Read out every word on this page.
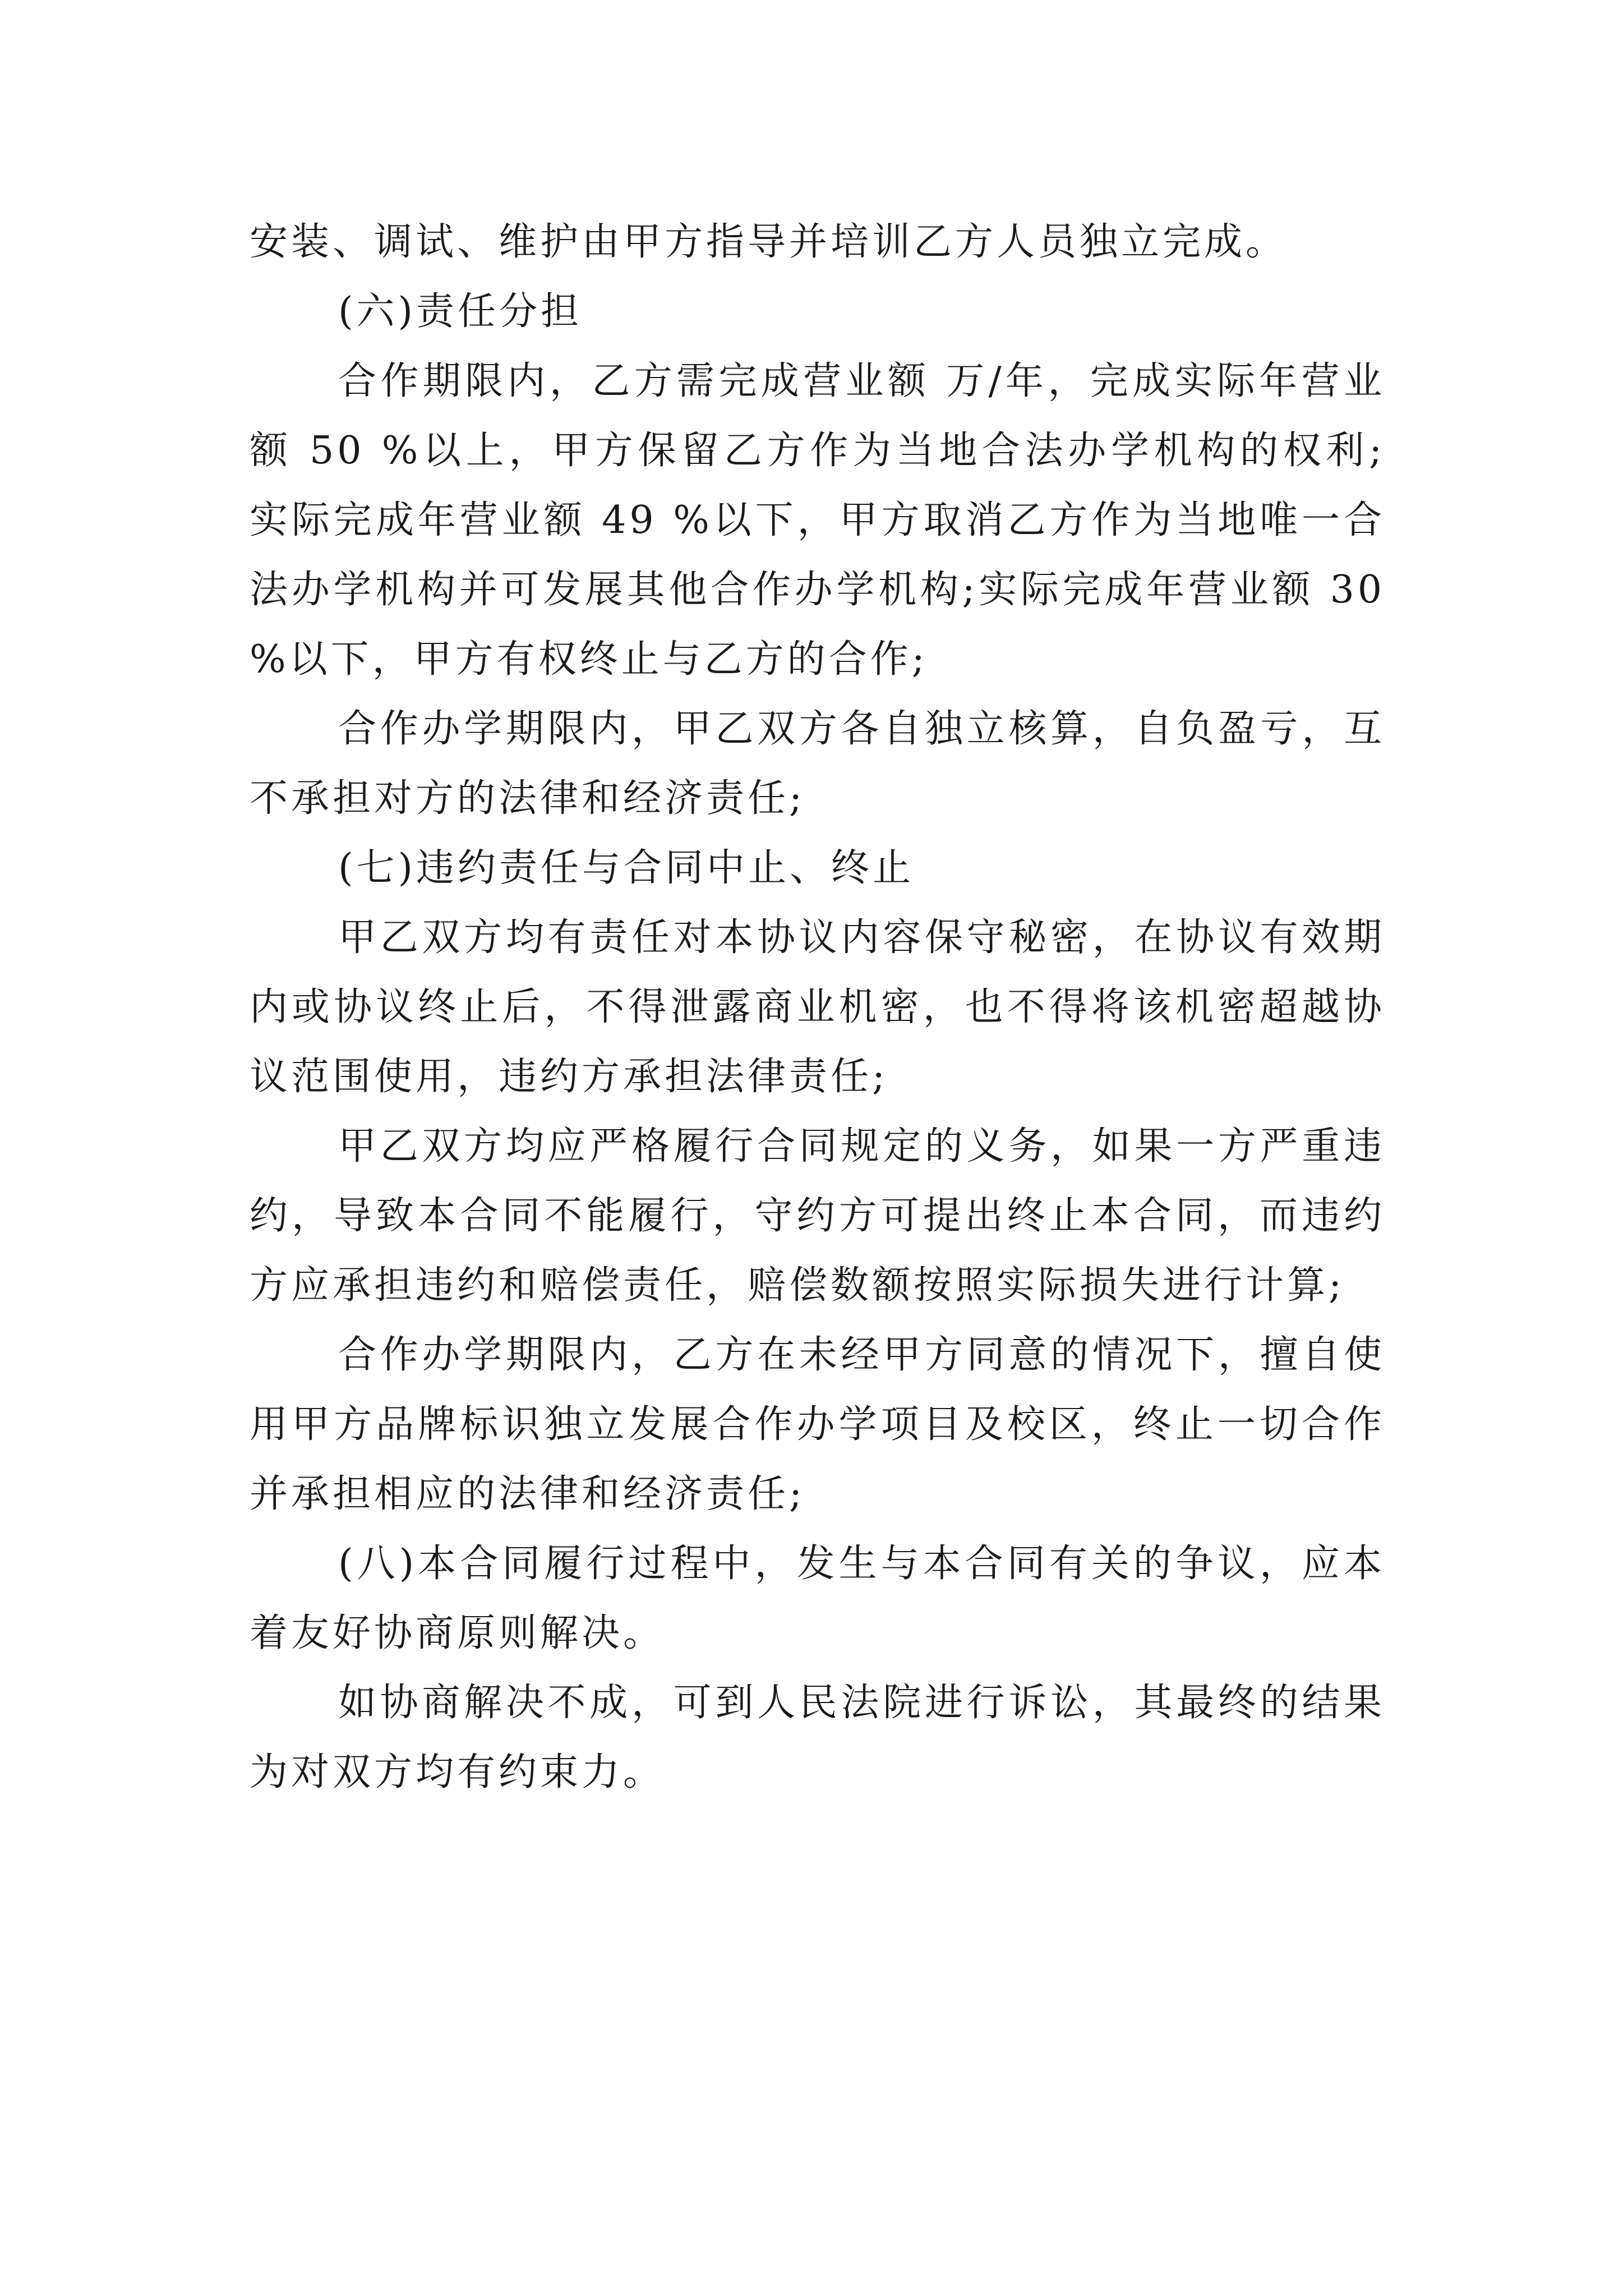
安装、调试、维护由甲方指导并培训乙方人员独立完成。

(六)责任分担

合作期限内，乙方需完成营业额 万/年，完成实际年营业额 50 %以上，甲方保留乙方作为当地合法办学机构的权利;实际完成年营业额 49 %以下，甲方取消乙方作为当地唯一合法办学机构并可发展其他合作办学机构;实际完成年营业额 30 %以下，甲方有权终止与乙方的合作;

合作办学期限内，甲乙双方各自独立核算，自负盈亏，互不承担对方的法律和经济责任;

(七)违约责任与合同中止、终止

甲乙双方均有责任对本协议内容保守秘密，在协议有效期内或协议终止后，不得泄露商业机密，也不得将该机密超越协议范围使用，违约方承担法律责任;

甲乙双方均应严格履行合同规定的义务，如果一方严重违约，导致本合同不能履行，守约方可提出终止本合同，而违约方应承担违约和赔偿责任，赔偿数额按照实际损失进行计算;

合作办学期限内，乙方在未经甲方同意的情况下，擅自使用甲方品牌标识独立发展合作办学项目及校区，终止一切合作并承担相应的法律和经济责任;

(八)本合同履行过程中，发生与本合同有关的争议，应本着友好协商原则解决。

如协商解决不成，可到人民法院进行诉讼，其最终的结果为对双方均有约束力。
